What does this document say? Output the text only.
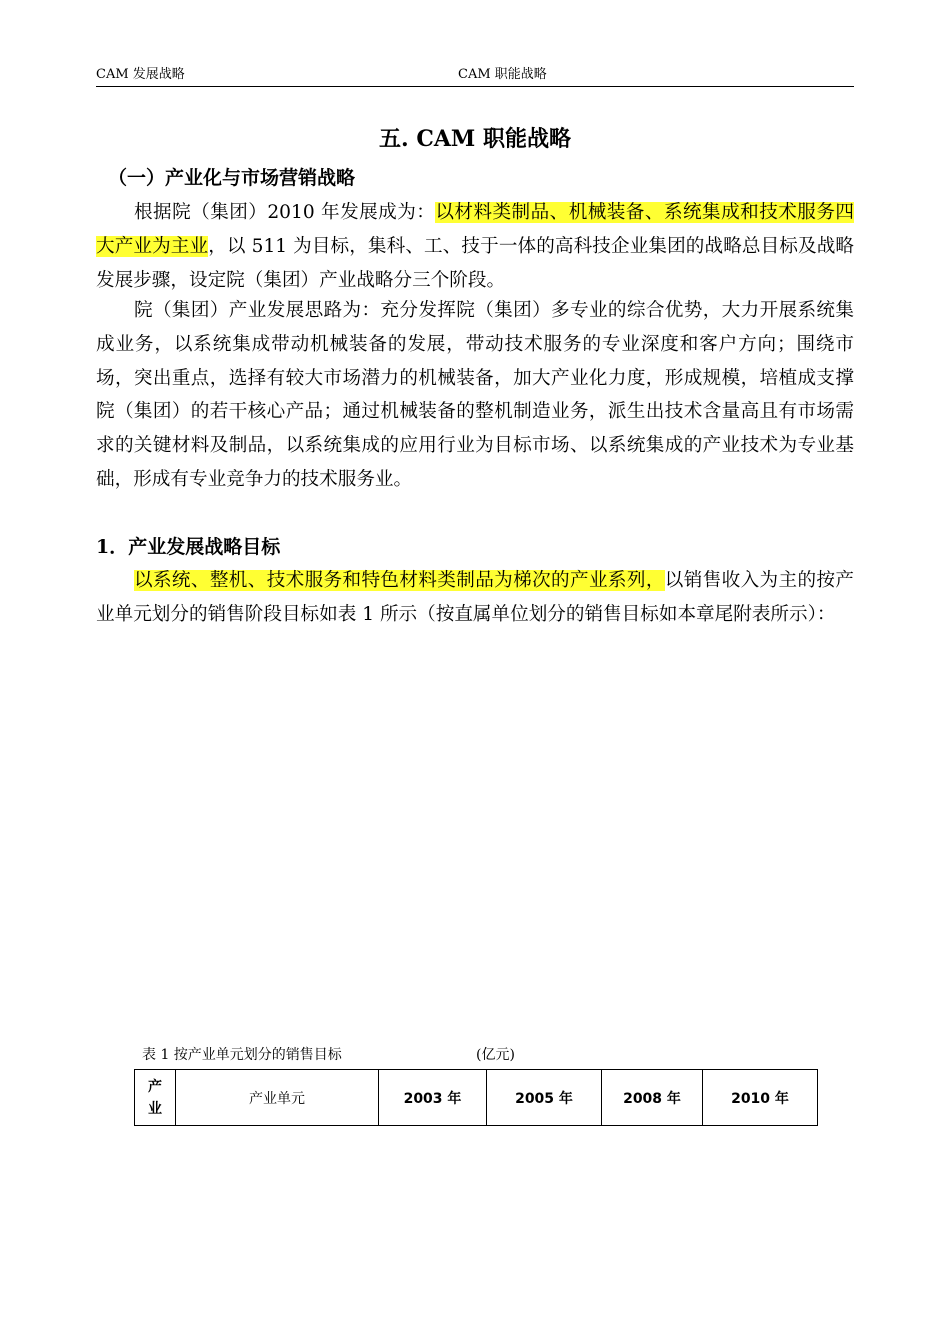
CAM 发展战略	CAM 职能战略
五. CAM 职能战略
（一）产业化与市场营销战略

根据院（集团）2010 年发展成为：以材料类制品、机械装备、系统集成和技术服务四大产业为主业，以 511 为目标，集科、工、技于一体的高科技企业集团的战略总目标及战略发展步骤，设定院（集团）产业战略分三个阶段。

院（集团）产业发展思路为：充分发挥院（集团）多专业的综合优势，大力开展系统集成业务，以系统集成带动机械装备的发展，带动技术服务的专业深度和客户方向；围绕市场，突出重点，选择有较大市场潜力的机械装备，加大产业化力度，形成规模，培植成支撑院（集团）的若干核心产品；通过机械装备的整机制造业务，派生出技术含量高且有市场需求的关键材料及制品，以系统集成的应用行业为目标市场、以系统集成的产业技术为专业基础，形成有专业竞争力的技术服务业。

1．产业发展战略目标

以系统、整机、技术服务和特色材料类制品为梯次的产业系列，以销售收入为主的按产业单元划分的销售阶段目标如表 1 所示（按直属单位划分的销售目标如本章尾附表所示）：

表 1 按产业单元划分的销售目标	(亿元)
产业	产业单元	2003 年	2005 年	2008 年	2010 年
